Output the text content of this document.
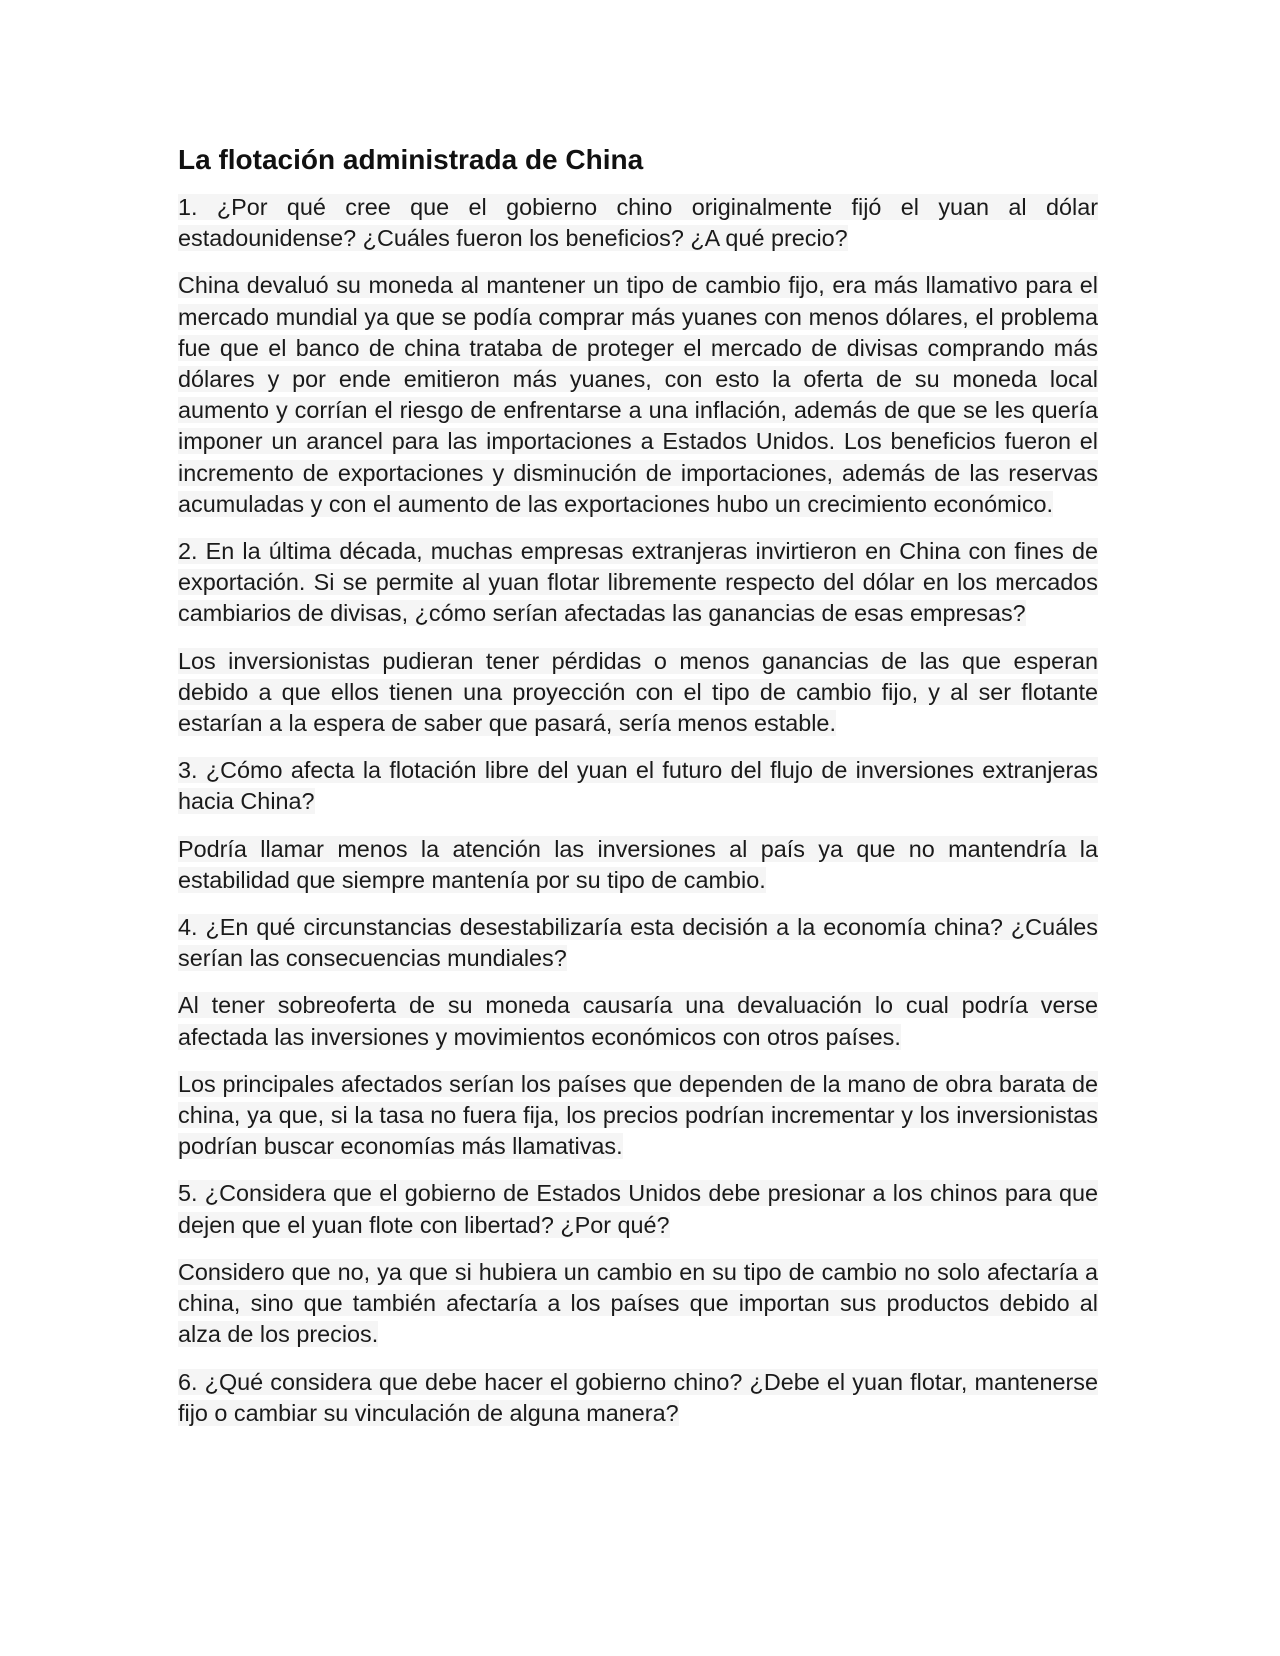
La flotación administrada de China

1. ¿Por qué cree que el gobierno chino originalmente fijó el yuan al dólar estadounidense? ¿Cuáles fueron los beneficios? ¿A qué precio?

China devaluó su moneda al mantener un tipo de cambio fijo, era más llamativo para el mercado mundial ya que se podía comprar más yuanes con menos dólares, el problema fue que el banco de china trataba de proteger el mercado de divisas comprando más dólares y por ende emitieron más yuanes, con esto la oferta de su moneda local aumento y corrían el riesgo de enfrentarse a una inflación, además de que se les quería imponer un arancel para las importaciones a Estados Unidos. Los beneficios fueron el incremento de exportaciones y disminución de importaciones, además de las reservas acumuladas y con el aumento de las exportaciones hubo un crecimiento económico.

2. En la última década, muchas empresas extranjeras invirtieron en China con fines de exportación. Si se permite al yuan flotar libremente respecto del dólar en los mercados cambiarios de divisas, ¿cómo serían afectadas las ganancias de esas empresas?

Los inversionistas pudieran tener pérdidas o menos ganancias de las que esperan debido a que ellos tienen una proyección con el tipo de cambio fijo, y al ser flotante estarían a la espera de saber que pasará, sería menos estable.

3. ¿Cómo afecta la flotación libre del yuan el futuro del flujo de inversiones extranjeras hacia China?

Podría llamar menos la atención las inversiones al país ya que no mantendría la estabilidad que siempre mantenía por su tipo de cambio.

4. ¿En qué circunstancias desestabilizaría esta decisión a la economía china? ¿Cuáles serían las consecuencias mundiales?

Al tener sobreoferta de su moneda causaría una devaluación lo cual podría verse afectada las inversiones y movimientos económicos con otros países.

Los principales afectados serían los países que dependen de la mano de obra barata de china, ya que, si la tasa no fuera fija, los precios podrían incrementar y los inversionistas podrían buscar economías más llamativas.

5. ¿Considera que el gobierno de Estados Unidos debe presionar a los chinos para que dejen que el yuan flote con libertad? ¿Por qué?

Considero que no, ya que si hubiera un cambio en su tipo de cambio no solo afectaría a china, sino que también afectaría a los países que importan sus productos debido al alza de los precios.

6. ¿Qué considera que debe hacer el gobierno chino? ¿Debe el yuan flotar, mantenerse fijo o cambiar su vinculación de alguna manera?
